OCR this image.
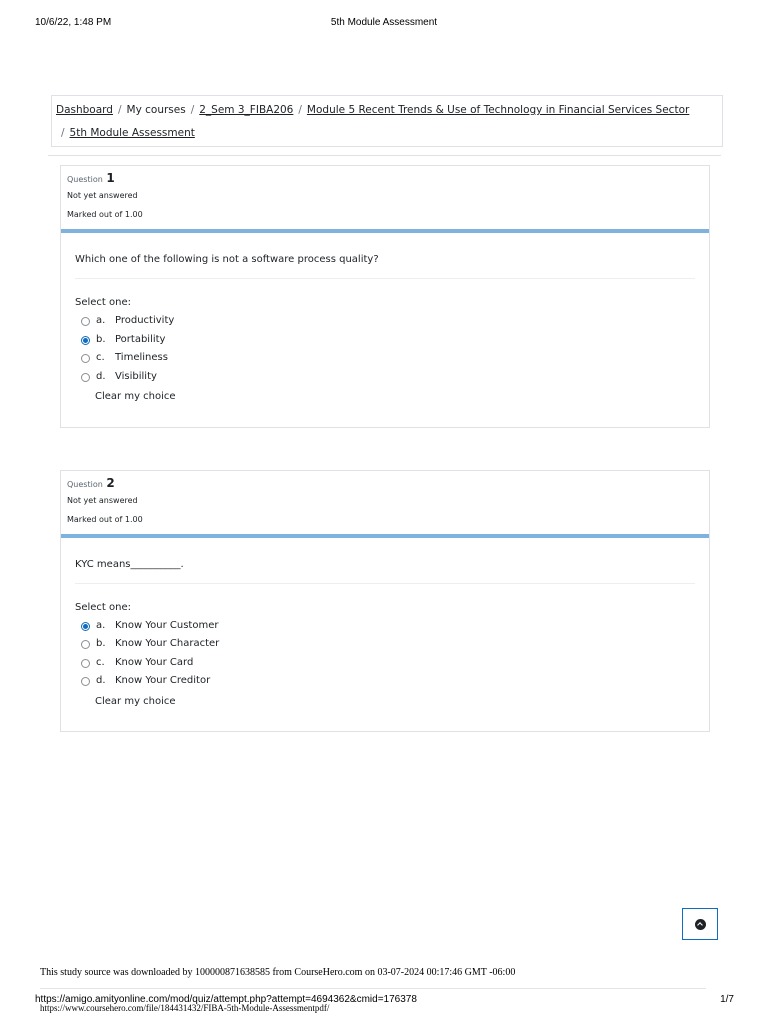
10/6/22, 1:48 PM	5th Module Assessment
Dashboard / My courses / 2_Sem 3_FIBA206 / Module 5 Recent Trends & Use of Technology in Financial Services Sector
/ 5th Module Assessment
Question 1
Not yet answered
Marked out of 1.00
Which one of the following is not a software process quality?
Select one:
a. Productivity
b. Portability
c. Timeliness
d. Visibility
Clear my choice
Question 2
Not yet answered
Marked out of 1.00
KYC means__________.
Select one:
a. Know Your Customer
b. Know Your Character
c. Know Your Card
d. Know Your Creditor
Clear my choice
This study source was downloaded by 100000871638585 from CourseHero.com on 03-07-2024 00:17:46 GMT -06:00
https://amigo.amityonline.com/mod/quiz/attempt.php?attempt=4694362&cmid=176378	1/7
https://www.coursehero.com/file/184431432/FIBA-5th-Module-Assessmentpdf/
